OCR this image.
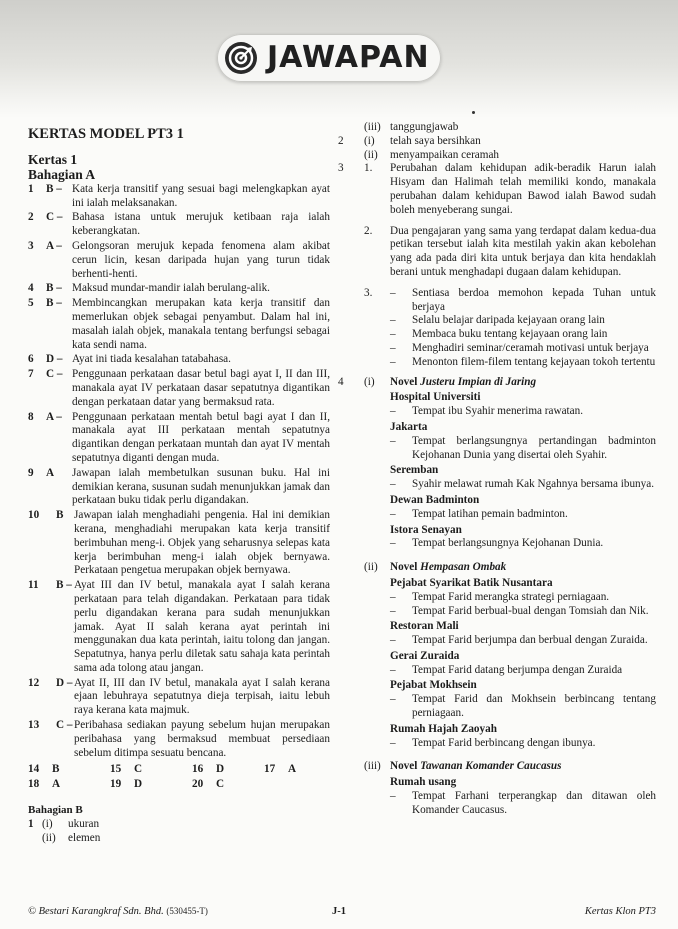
JAWAPAN
KERTAS MODEL PT3 1
Kertas 1
Bahagian A
1	B – Kata kerja transitif yang sesuai bagi melengkapkan ayat ini ialah melaksanakan.
2	C – Bahasa istana untuk merujuk ketibaan raja ialah keberangkatan.
3	A – Gelongsoran merujuk kepada fenomena alam akibat cerun licin, kesan daripada hujan yang turun tidak berhenti-henti.
4	B – Maksud mundar-mandir ialah berulang-alik.
5	B – Membincangkan merupakan kata kerja transitif dan memerlukan objek sebagai penyambut. Dalam hal ini, masalah ialah objek, manakala tentang berfungsi sebagai kata sendi nama.
6	D – Ayat ini tiada kesalahan tatabahasa.
7	C – Penggunaan perkataan dasar betul bagi ayat I, II dan III, manakala ayat IV perkataan dasar sepatutnya digantikan dengan perkataan datar yang bermaksud rata.
8	A – Penggunaan perkataan mentah betul bagi ayat I dan II, manakala ayat III perkataan mentah sepatutnya digantikan dengan perkataan muntah dan ayat IV mentah sepatutnya diganti dengan muda.
9	A	Jawapan ialah membetulkan susunan buku. Hal ini demikian kerana, susunan sudah menunjukkan jamak dan perkataan buku tidak perlu digandakan.
10	B Jawapan ialah menghadiahi pengenia. Hal ini demikian kerana, menghadiahi merupakan kata kerja transitif berimbuhan meng-i. Objek yang seharusnya selepas kata kerja berimbuhan meng-i ialah objek bernyawa. Perkataan pengetua merupakan objek bernyawa.
11	B – Ayat III dan IV betul, manakala ayat I salah kerana perkataan para telah digandakan. Perkataan para tidak perlu digandakan kerana para sudah menunjukkan jamak. Ayat II salah kerana ayat perintah ini menggunakan dua kata perintah, iaitu tolong dan jangan. Sepatutnya, hanya perlu diletak satu sahaja kata perintah sama ada tolong atau jangan.
12	D – Ayat II, III dan IV betul, manakala ayat I salah kerana ejaan lebuhraya sepatutnya dieja terpisah, iaitu lebuh raya kerana kata majmuk.
13	C – Peribahasa sediakan payung sebelum hujan merupakan peribahasa yang bermaksud membuat persediaan sebelum ditimpa sesuatu bencana.
14	B	15	C	16	D	17	A
18	A	19	D	20	C
Bahagian B
1 (i)	ukuran
(ii)	elemen
(iii) tanggungjawab
2	(i)	telah saya bersihkan
(ii)	menyampaikan ceramah
3	1.	Perubahan dalam kehidupan adik-beradik Harun ialah Hisyam dan Halimah telah memiliki kondo, manakala perubahan dalam kehidupan Bawod ialah Bawod sudah boleh menyeberang sungai.
2.	Dua pengajaran yang sama yang terdapat dalam kedua-dua petikan tersebut ialah kita mestilah yakin akan kebolehan yang ada pada diri kita untuk berjaya dan kita hendaklah berani untuk menghadapi dugaan dalam kehidupan.
3.	–	Sentiasa berdoa memohon kepada Tuhan untuk berjaya
–	Selalu belajar daripada kejayaan orang lain
–	Membaca buku tentang kejayaan orang lain
–	Menghadiri seminar/ceramah motivasi untuk berjaya
–	Menonton filem-filem tentang kejayaan tokoh tertentu
4	(i)	Novel Justeru Impian di Jaring
Hospital Universiti
–	Tempat ibu Syahir menerima rawatan.
Jakarta
–	Tempat berlangsungnya pertandingan badminton Kejohanan Dunia yang disertai oleh Syahir.
Seremban
–	Syahir melawat rumah Kak Ngahnya bersama ibunya.
Dewan Badminton
–	Tempat latihan pemain badminton.
Istora Senayan
–	Tempat berlangsungnya Kejohanan Dunia.
(ii)	Novel Hempasan Ombak
Pejabat Syarikat Batik Nusantara
–	Tempat Farid merangka strategi perniagaan.
–	Tempat Farid berbual-bual dengan Tomsiah dan Nik.
Restoran Mali
–	Tempat Farid berjumpa dan berbual dengan Zuraida.
Gerai Zuraida
–	Tempat Farid datang berjumpa dengan Zuraida
Pejabat Mokhsein
–	Tempat Farid dan Mokhsein berbincang tentang perniagaan.
Rumah Hajah Zaoyah
–	Tempat Farid berbincang dengan ibunya.
(iii) Novel Tawanan Komander Caucasus
Rumah usang
–	Tempat Farhani terperangkap dan ditawan oleh Komander Caucasus.
© Bestari Karangkraf Sdn. Bhd. (530455-T)	J-1	Kertas Klon PT3
